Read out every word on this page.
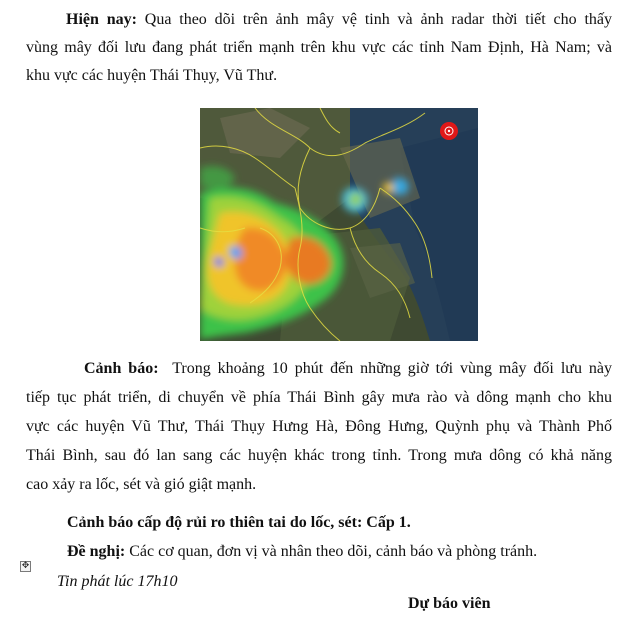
Hiện nay: Qua theo dõi trên ảnh mây vệ tinh và ảnh radar thời tiết cho thấy
vùng mây đối lưu đang phát triển mạnh trên khu vực các tỉnh Nam Định, Hà Nam; và
khu vực các huyện Thái Thụy, Vũ Thư.
Cảnh báo: Trong khoảng 10 phút đến những giờ tới vùng mây đối lưu này
tiếp tục phát triển, di chuyển về phía Thái Bình gây mưa rào và dông mạnh cho khu
vực các huyện Vũ Thư, Thái Thụy Hưng Hà, Đông Hưng, Quỳnh phụ và Thành Phố
Thái Bình, sau đó lan sang các huyện khác trong tỉnh. Trong mưa dông có khả năng
cao xảy ra lốc, sét và gió giật mạnh.
Cảnh báo cấp độ rủi ro thiên tai do lốc, sét: Cấp 1.
Đề nghị: Các cơ quan, đơn vị và nhân theo dõi, cảnh báo và phòng tránh.
✥
Tin phát lúc 17h10
Dự báo viên
